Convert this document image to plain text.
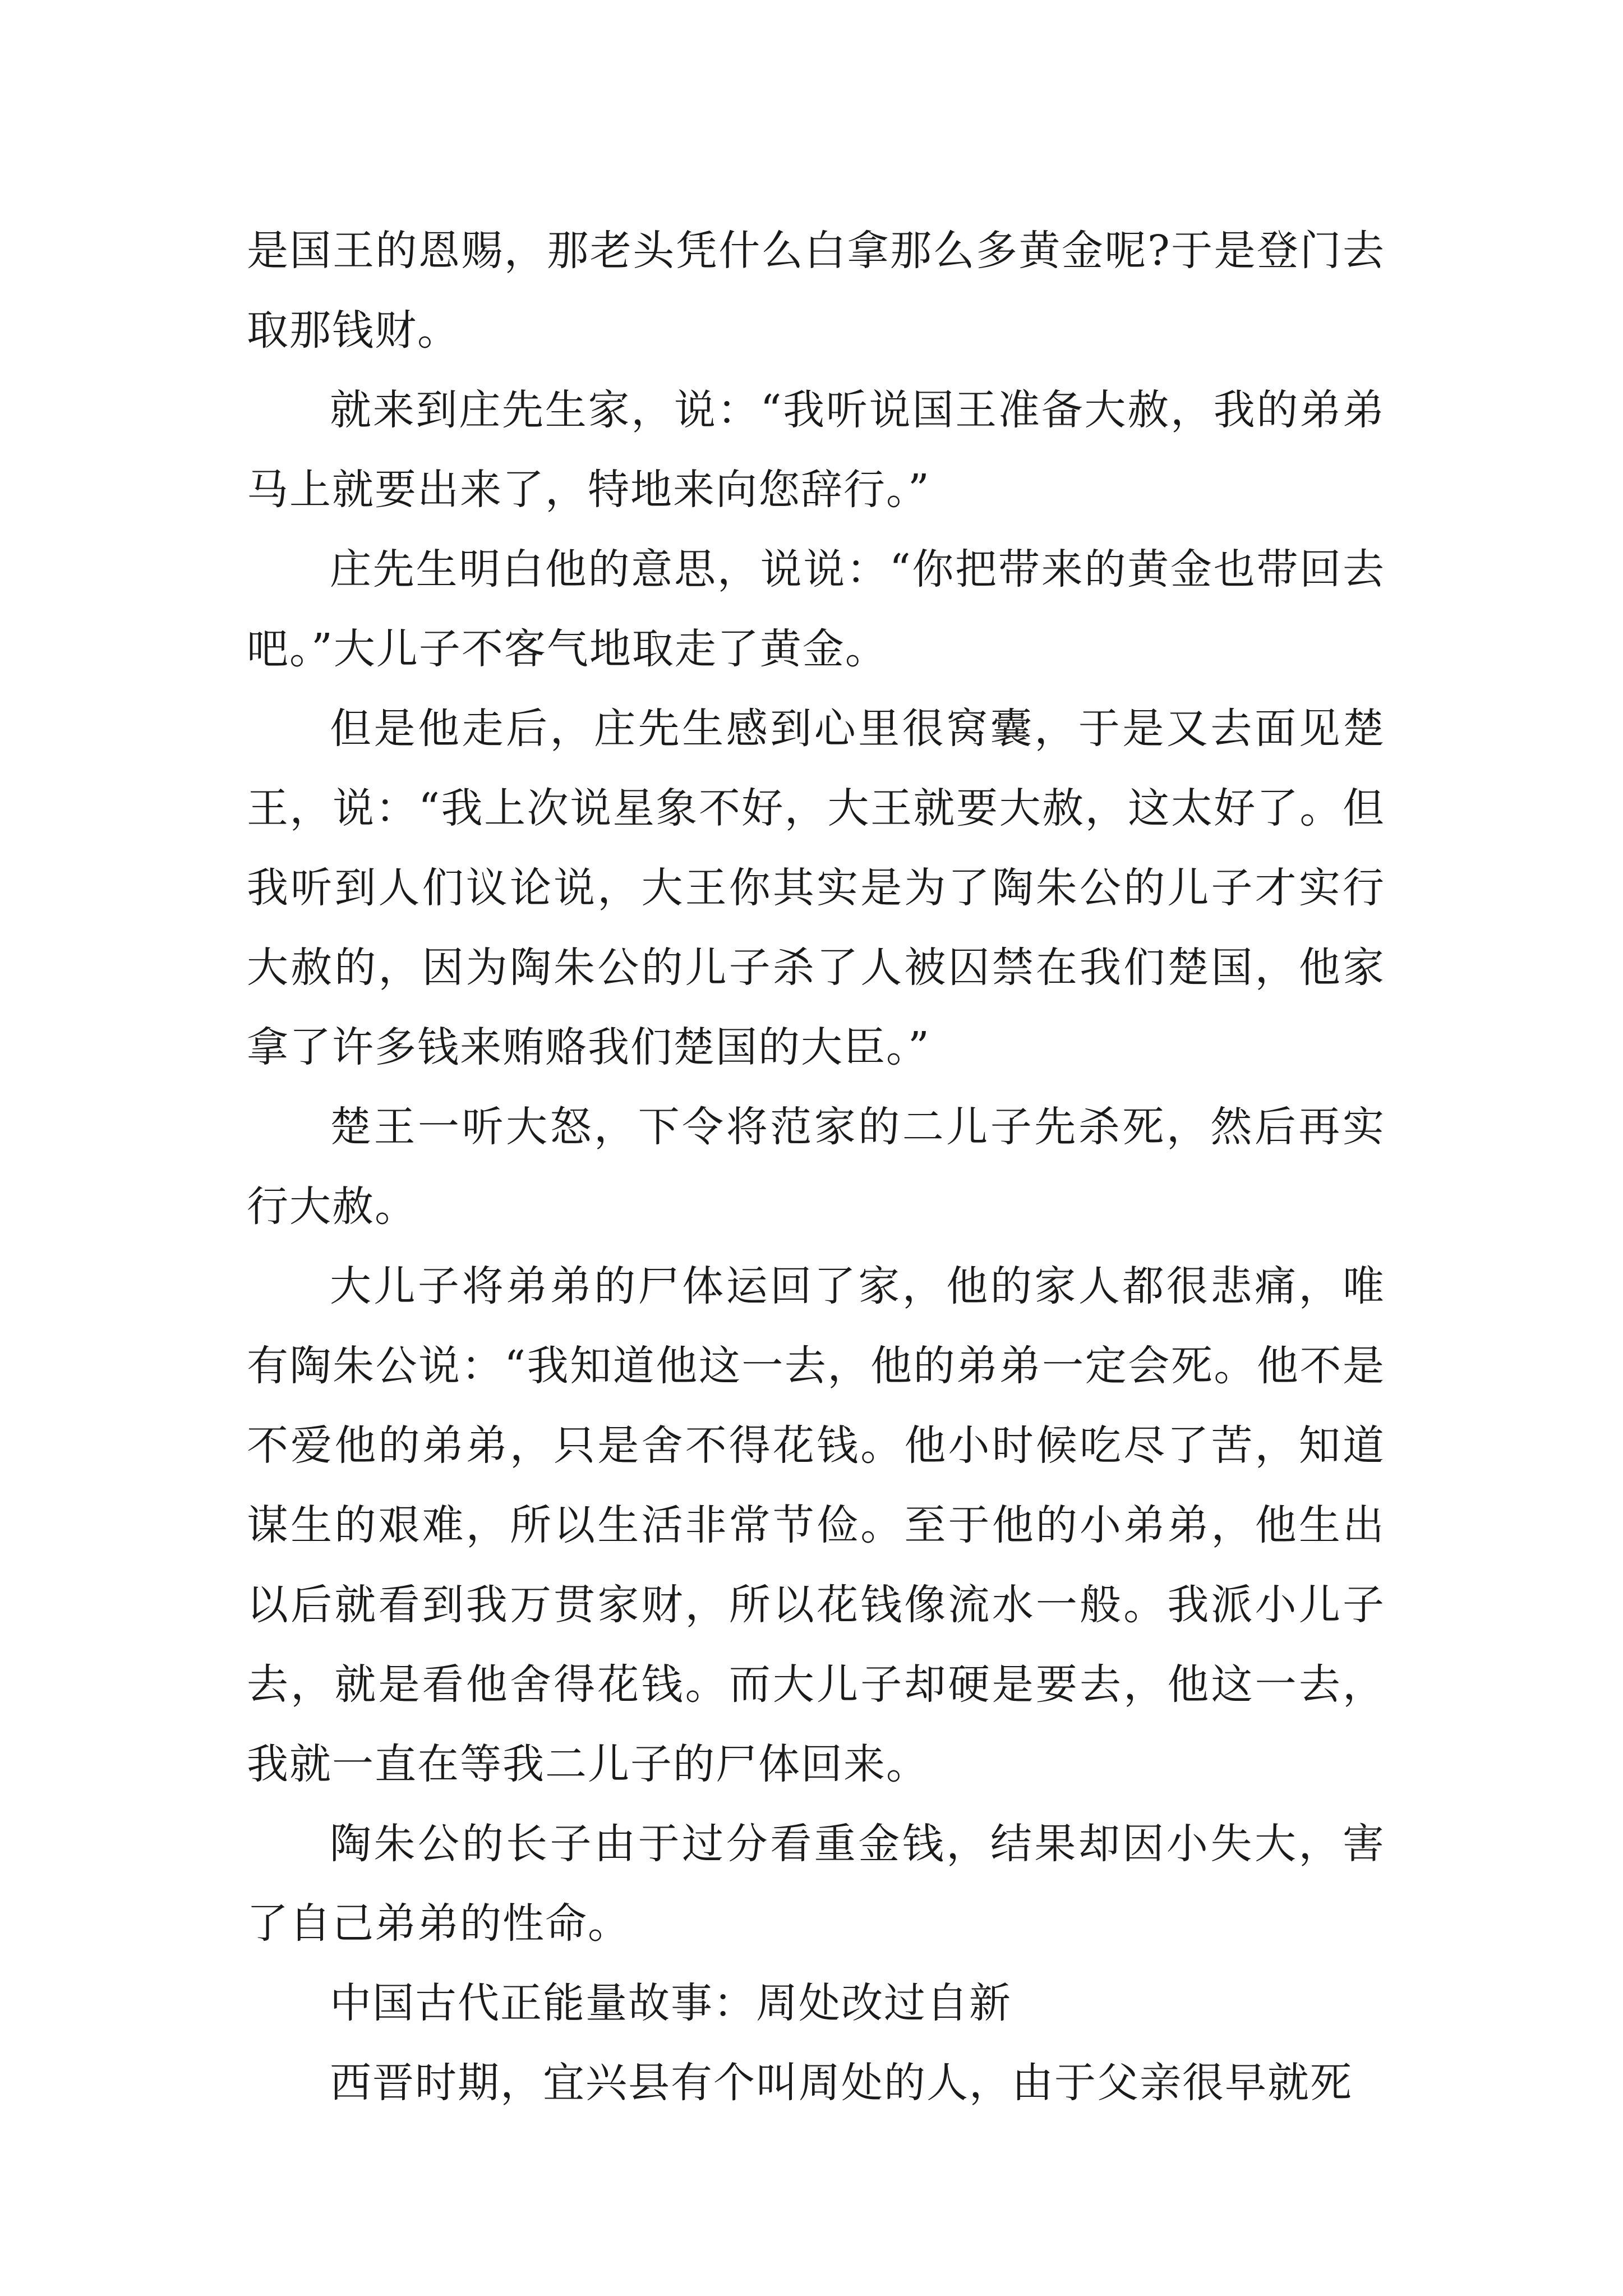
是国王的恩赐，那老头凭什么白拿那么多黄金呢?于是登门去取那钱财。

就来到庄先生家，说：“我听说国王准备大赦，我的弟弟马上就要出来了，特地来向您辞行。”

庄先生明白他的意思，说说：“你把带来的黄金也带回去吧。”大儿子不客气地取走了黄金。

但是他走后，庄先生感到心里很窝囊，于是又去面见楚王，说：“我上次说星象不好，大王就要大赦，这太好了。但我听到人们议论说，大王你其实是为了陶朱公的儿子才实行大赦的，因为陶朱公的儿子杀了人被囚禁在我们楚国，他家拿了许多钱来贿赂我们楚国的大臣。”

楚王一听大怒，下令将范家的二儿子先杀死，然后再实行大赦。

大儿子将弟弟的尸体运回了家，他的家人都很悲痛，唯有陶朱公说：“我知道他这一去，他的弟弟一定会死。他不是不爱他的弟弟，只是舍不得花钱。他小时候吃尽了苦，知道谋生的艰难，所以生活非常节俭。至于他的小弟弟，他生出以后就看到我万贯家财，所以花钱像流水一般。我派小儿子去，就是看他舍得花钱。而大儿子却硬是要去，他这一去，我就一直在等我二儿子的尸体回来。

陶朱公的长子由于过分看重金钱，结果却因小失大，害了自己弟弟的性命。

中国古代正能量故事：周处改过自新

西晋时期，宜兴县有个叫周处的人，由于父亲很早就死
